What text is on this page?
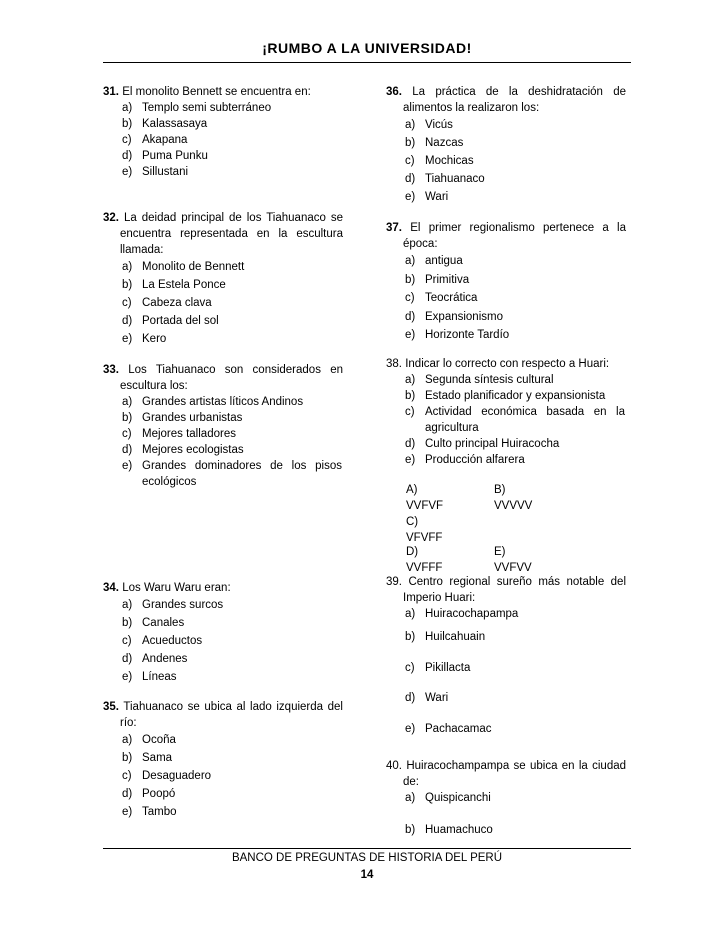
¡RUMBO A LA UNIVERSIDAD!
31. El monolito Bennett se encuentra en:
a) Templo semi subterráneo
b) Kalassasaya
c) Akapana
d) Puma Punku
e) Sillustani
32. La deidad principal de los Tiahuanaco se encuentra representada en la escultura llamada:
a) Monolito de Bennett
b) La Estela Ponce
c) Cabeza clava
d) Portada del sol
e) Kero
33. Los Tiahuanaco son considerados en escultura los:
a) Grandes artistas líticos Andinos
b) Grandes urbanistas
c) Mejores talladores
d) Mejores ecologistas
e) Grandes dominadores de los pisos ecológicos
34. Los Waru Waru eran:
a) Grandes surcos
b) Canales
c) Acueductos
d) Andenes
e) Líneas
35. Tiahuanaco se ubica al lado izquierda del río:
a) Ocoña
b) Sama
c) Desaguadero
d) Poopó
e) Tambo
36. La práctica de la deshidratación de alimentos la realizaron los:
a) Vicús
b) Nazcas
c) Mochicas
d) Tiahuanaco
e) Wari
37. El primer regionalismo pertenece a la época:
a) antigua
b) Primitiva
c) Teocrática
d) Expansionismo
e) Horizonte Tardío
38. Indicar lo correcto con respecto a Huari:
a) Segunda síntesis cultural
b) Estado planificador y expansionista
c) Actividad económica basada en la agricultura
d) Culto principal Huiracocha
e) Producción alfarera
A) VVFVF
B) VVVVV
C) VFVFF
D) VVFFF
E) VVFVV
39. Centro regional sureño más notable del Imperio Huari:
a) Huiracochapampa
b) Huilcahuain
c) Pikillacta
d) Wari
e) Pachacamac
40. Huiracochampampa se ubica en la ciudad de:
a) Quispicanchi
b) Huamachuco
BANCO DE PREGUNTAS DE HISTORIA DEL PERÚ
14
